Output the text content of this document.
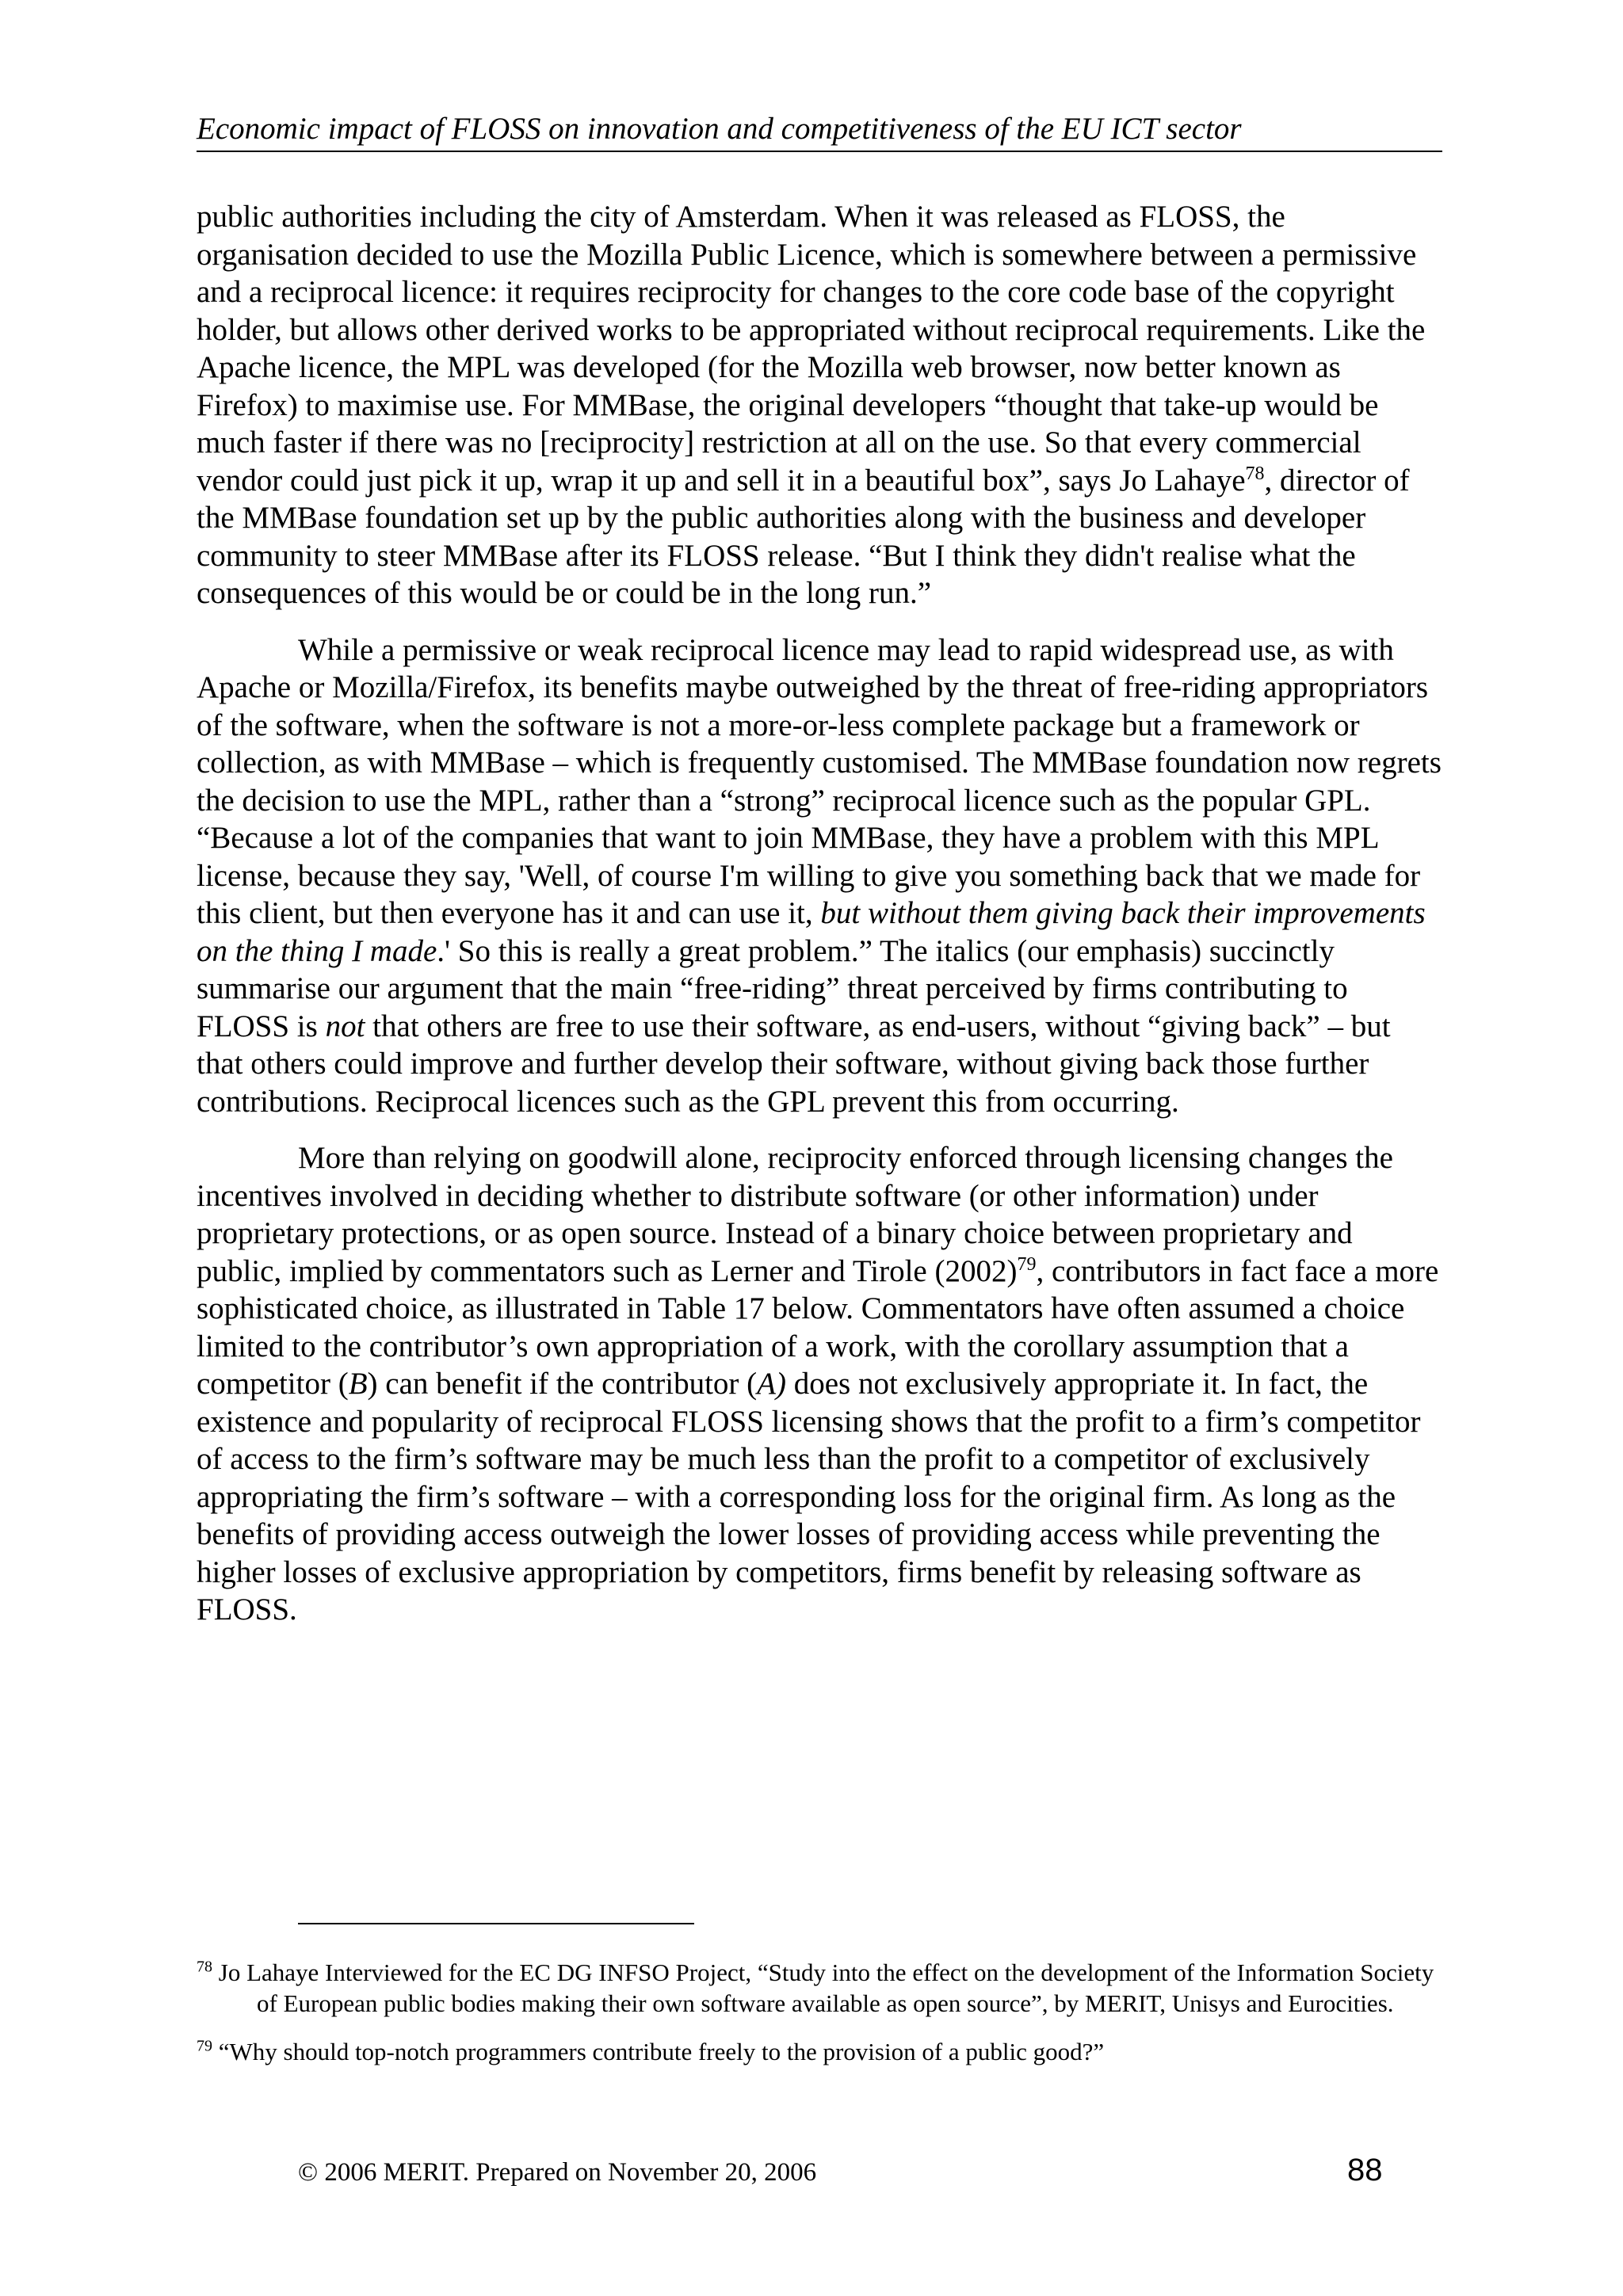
Economic impact of FLOSS on innovation and competitiveness of the EU ICT sector

public authorities including the city of Amsterdam. When it was released as FLOSS, the organisation decided to use the Mozilla Public Licence, which is somewhere between a permissive and a reciprocal licence: it requires reciprocity for changes to the core code base of the copyright holder, but allows other derived works to be appropriated without reciprocal requirements. Like the Apache licence, the MPL was developed (for the Mozilla web browser, now better known as Firefox) to maximise use. For MMBase, the original developers “thought that take-up would be much faster if there was no [reciprocity] restriction at all on the use. So that every commercial vendor could just pick it up, wrap it up and sell it in a beautiful box”, says Jo Lahaye$^{78}$, director of the MMBase foundation set up by the public authorities along with the business and developer community to steer MMBase after its FLOSS release. “But I think they didn't realise what the consequences of this would be or could be in the long run.”

While a permissive or weak reciprocal licence may lead to rapid widespread use, as with Apache or Mozilla/Firefox, its benefits maybe outweighed by the threat of free-riding appropriators of the software, when the software is not a more-or-less complete package but a framework or collection, as with MMBase – which is frequently customised. The MMBase foundation now regrets the decision to use the MPL, rather than a “strong” reciprocal licence such as the popular GPL. “Because a lot of the companies that want to join MMBase, they have a problem with this MPL license, because they say, 'Well, of course I'm willing to give you something back that we made for this client, but then everyone has it and can use it, but without them giving back their improvements on the thing I made.' So this is really a great problem.” The italics (our emphasis) succinctly summarise our argument that the main “free-riding” threat perceived by firms contributing to FLOSS is not that others are free to use their software, as end-users, without “giving back” – but that others could improve and further develop their software, without giving back those further contributions. Reciprocal licences such as the GPL prevent this from occurring.

More than relying on goodwill alone, reciprocity enforced through licensing changes the incentives involved in deciding whether to distribute software (or other information) under proprietary protections, or as open source. Instead of a binary choice between proprietary and public, implied by commentators such as Lerner and Tirole $(2002)^{79}$, contributors in fact face a more sophisticated choice, as illustrated in Table 17 below. Commentators have often assumed a choice limited to the contributor’s own appropriation of a work, with the corollary assumption that a competitor (B) can benefit if the contributor (A) does not exclusively appropriate it. In fact, the existence and popularity of reciprocal FLOSS licensing shows that the profit to a firm’s competitor of access to the firm’s software may be much less than the profit to a competitor of exclusively appropriating the firm’s software – with a corresponding loss for the original firm. As long as the benefits of providing access outweigh the lower losses of providing access while preventing the higher losses of exclusive appropriation by competitors, firms benefit by releasing software as FLOSS.

$^{78}$ Jo Lahaye Interviewed for the EC DG INFSO Project, “Study into the effect on the development of the Information Society of European public bodies making their own software available as open source”, by MERIT, Unisys and Eurocities.

$^{79}$ “Why should top-notch programmers contribute freely to the provision of a public good?”

© 2006 MERIT. Prepared on November 20, 2006	88
